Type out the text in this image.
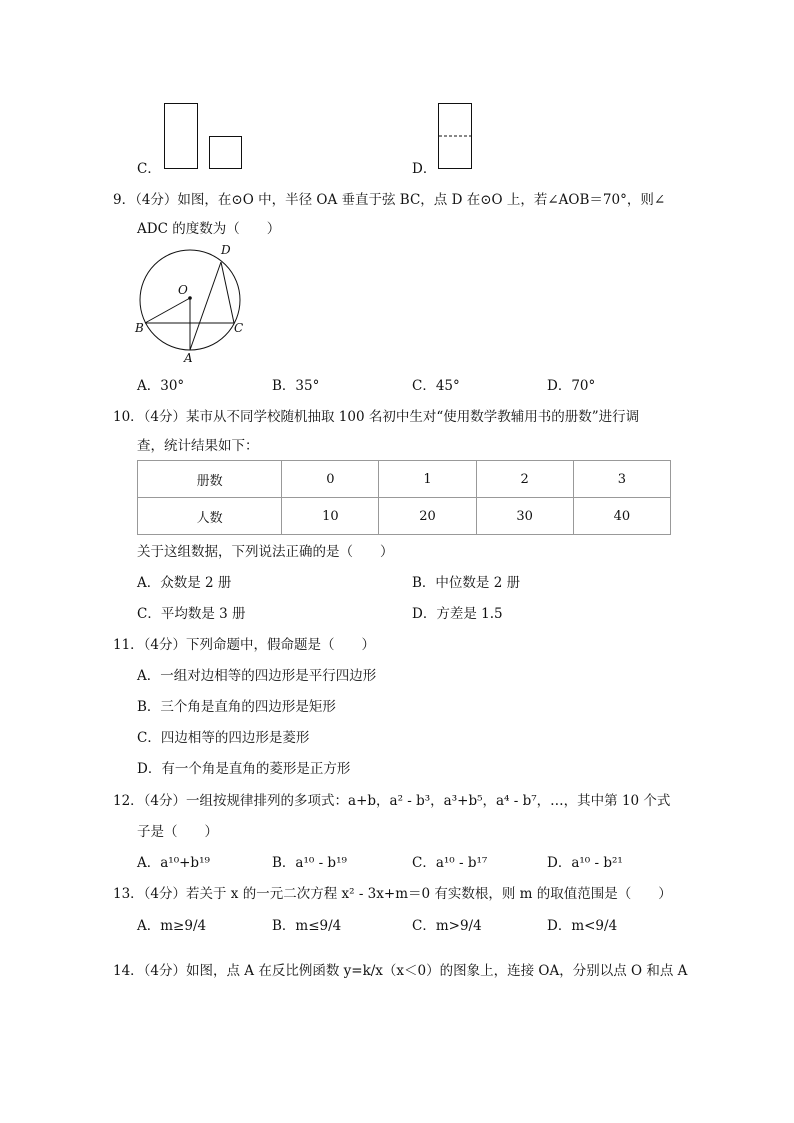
C．	D．
9．（4分）如图，在⊙O 中，半径 OA 垂直于弦 BC，点 D 在⊙O 上，若∠AOB＝70°，则∠
ADC 的度数为（　　）
O
D
B	C
A
A．30°	B．35°	C．45°	D．70°
10．（4分）某市从不同学校随机抽取 100 名初中生对“使用数学教辅用书的册数”进行调
查，统计结果如下：
册数	0	1	2	3
人数	10	20	30	40
关于这组数据，下列说法正确的是（　　）
A．众数是 2 册	B．中位数是 2 册
C．平均数是 3 册	D．方差是 1.5
11．（4分）下列命题中，假命题是（　　）
A．一组对边相等的四边形是平行四边形
B．三个角是直角的四边形是矩形
C．四边相等的四边形是菱形
D．有一个角是直角的菱形是正方形
12．（4分）一组按规律排列的多项式：a+b，a² - b³，a³+b⁵，a⁴ - b⁷，…，其中第 10 个式
子是（　　）
A．a¹⁰+b¹⁹	B．a¹⁰ - b¹⁹	C．a¹⁰ - b¹⁷	D．a¹⁰ - b²¹
13．（4分）若关于 x 的一元二次方程 x² - 3x+m＝0 有实数根，则 m 的取值范围是（　　）
A．m≥9/4	B．m≤9/4	C．m>9/4	D．m<9/4
14．（4分）如图，点 A 在反比例函数 y=k/x（x＜0）的图象上，连接 OA，分别以点 O 和点 A
